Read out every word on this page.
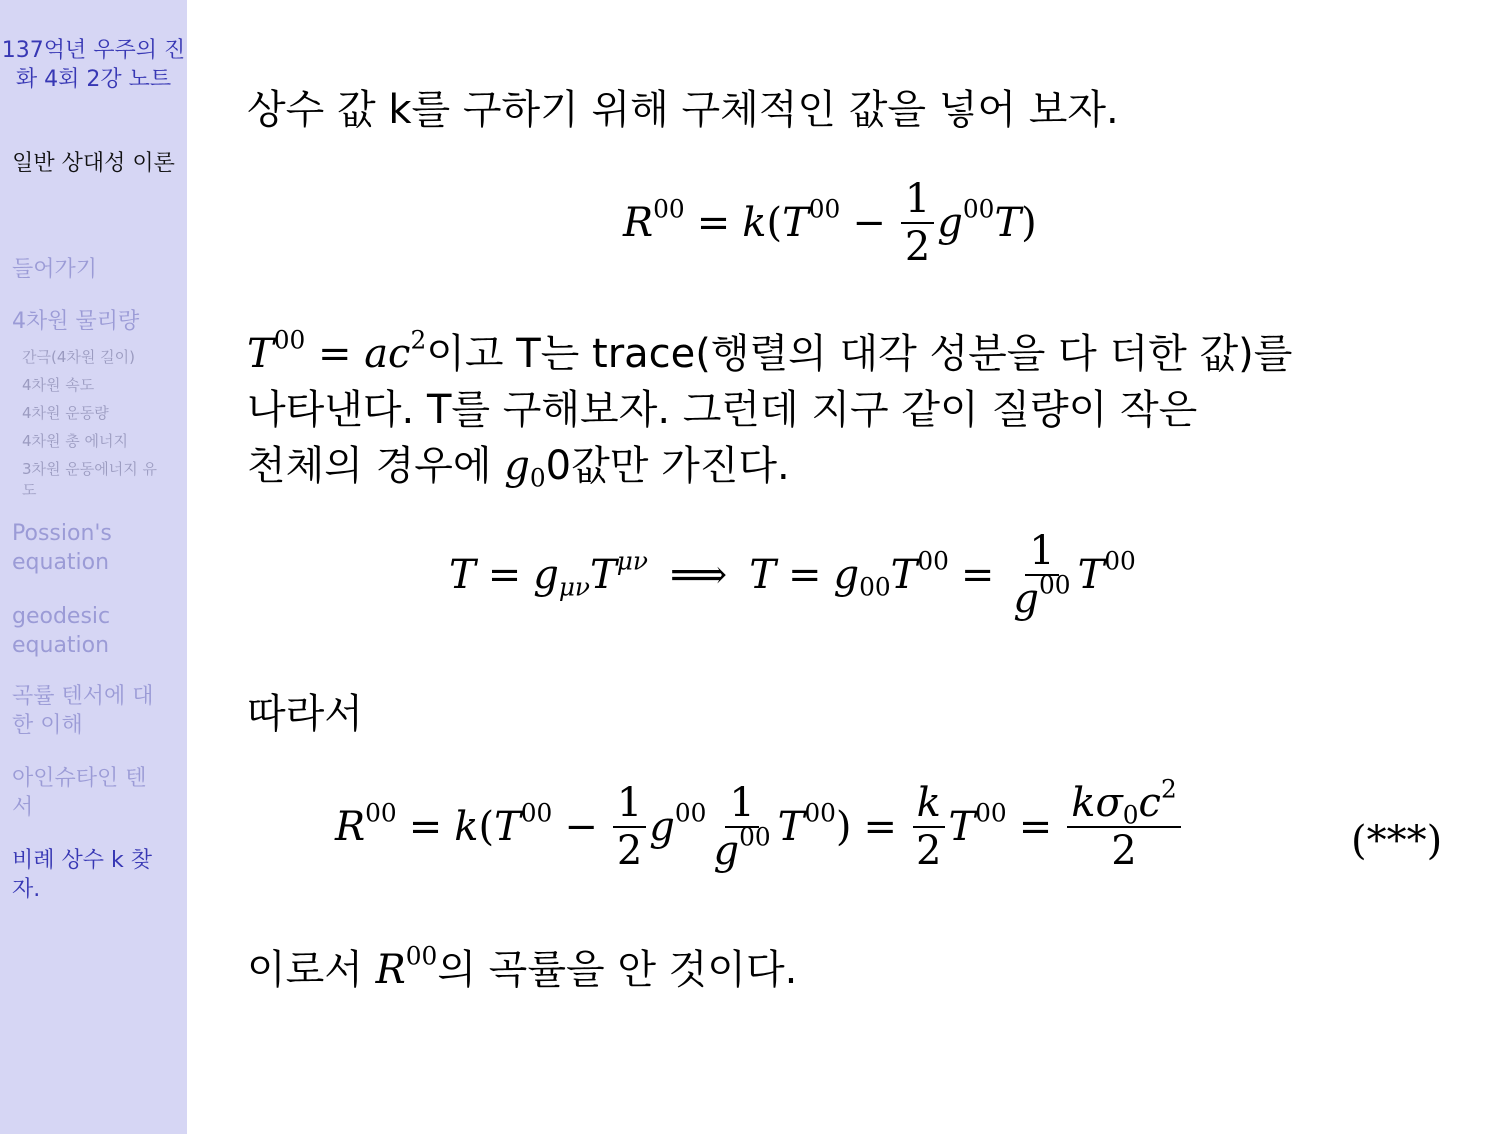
137억년 우주의 진화 4회 2강 노트
일반 상대성 이론
들어가기
4차원 물리량
간극(4차원 길이)
4차원 속도
4차원 운동량
4차원 총 에너지
3차원 운동에너지 유도
Possion's equation
geodesic equation
곡률 텐서에 대한 이해
아인슈타인 텐서
비례 상수 k 찾자.
상수 값 k를 구하기 위해 구체적인 값을 넣어 보자.
$R^{00} = k$ ( $T^{00} - \frac{1}{2} g^{00}$ T )
$T^{00} = ac^2$이고 T는 trace(행렬의 대각 성분을 다 더한 값)를
나타낸다. T를 구해보자. 그런데 지구 같이 질량이 작은
천체의 경우에 $g_00$값만 가진다.
$T = g_{\mu\nu}$ $T^{\mu\nu}$ ⟹ $T = g_{00}$ $T^{00} = \frac{1}{g^{00}} T^{00}$
따라서
$R^{00} = k$ ( $T^{00} - \frac{1}{2} g^{00} \frac{1}{g^{00}} T^{00}$ ) = $\frac{k}{2} T^{00} = \frac{k\sigma_0c^2}{2}$	(***)
이로서 $R^{00}$의 곡률을 안 것이다.
